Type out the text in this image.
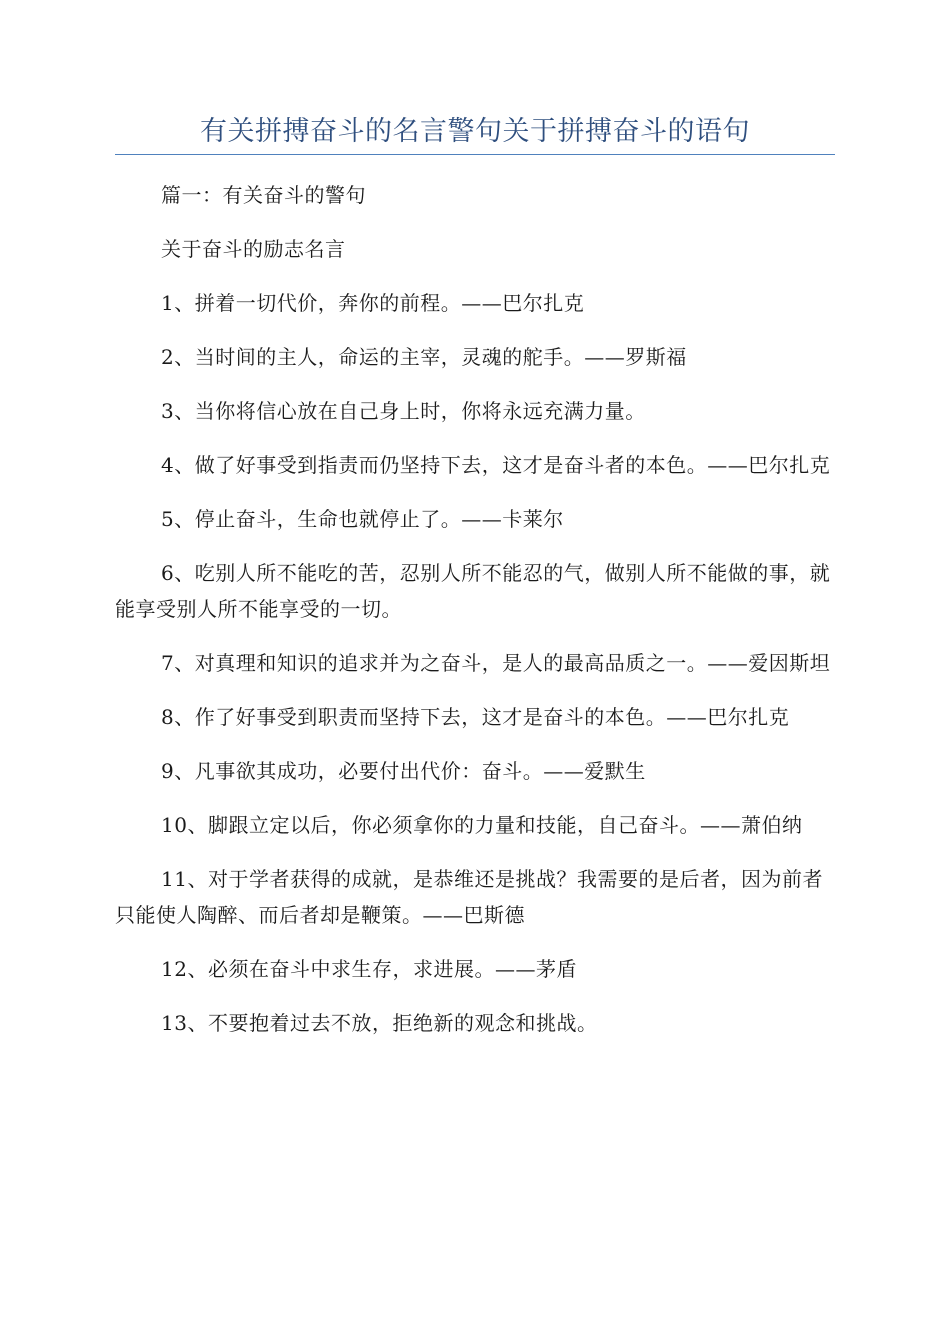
有关拼搏奋斗的名言警句关于拼搏奋斗的语句

篇一：有关奋斗的警句

关于奋斗的励志名言

1、拼着一切代价，奔你的前程。——巴尔扎克

2、当时间的主人，命运的主宰，灵魂的舵手。——罗斯福

3、当你将信心放在自己身上时，你将永远充满力量。

4、做了好事受到指责而仍坚持下去，这才是奋斗者的本色。——巴尔扎克

5、停止奋斗，生命也就停止了。——卡莱尔

6、吃别人所不能吃的苦，忍别人所不能忍的气，做别人所不能做的事，就能享受别人所不能享受的一切。

7、对真理和知识的追求并为之奋斗，是人的最高品质之一。——爱因斯坦

8、作了好事受到职责而坚持下去，这才是奋斗的本色。——巴尔扎克

9、凡事欲其成功，必要付出代价：奋斗。——爱默生

10、脚跟立定以后，你必须拿你的力量和技能，自己奋斗。——萧伯纳

11、对于学者获得的成就，是恭维还是挑战？我需要的是后者，因为前者只能使人陶醉、而后者却是鞭策。——巴斯德

12、必须在奋斗中求生存，求进展。——茅盾

13、不要抱着过去不放，拒绝新的观念和挑战。
